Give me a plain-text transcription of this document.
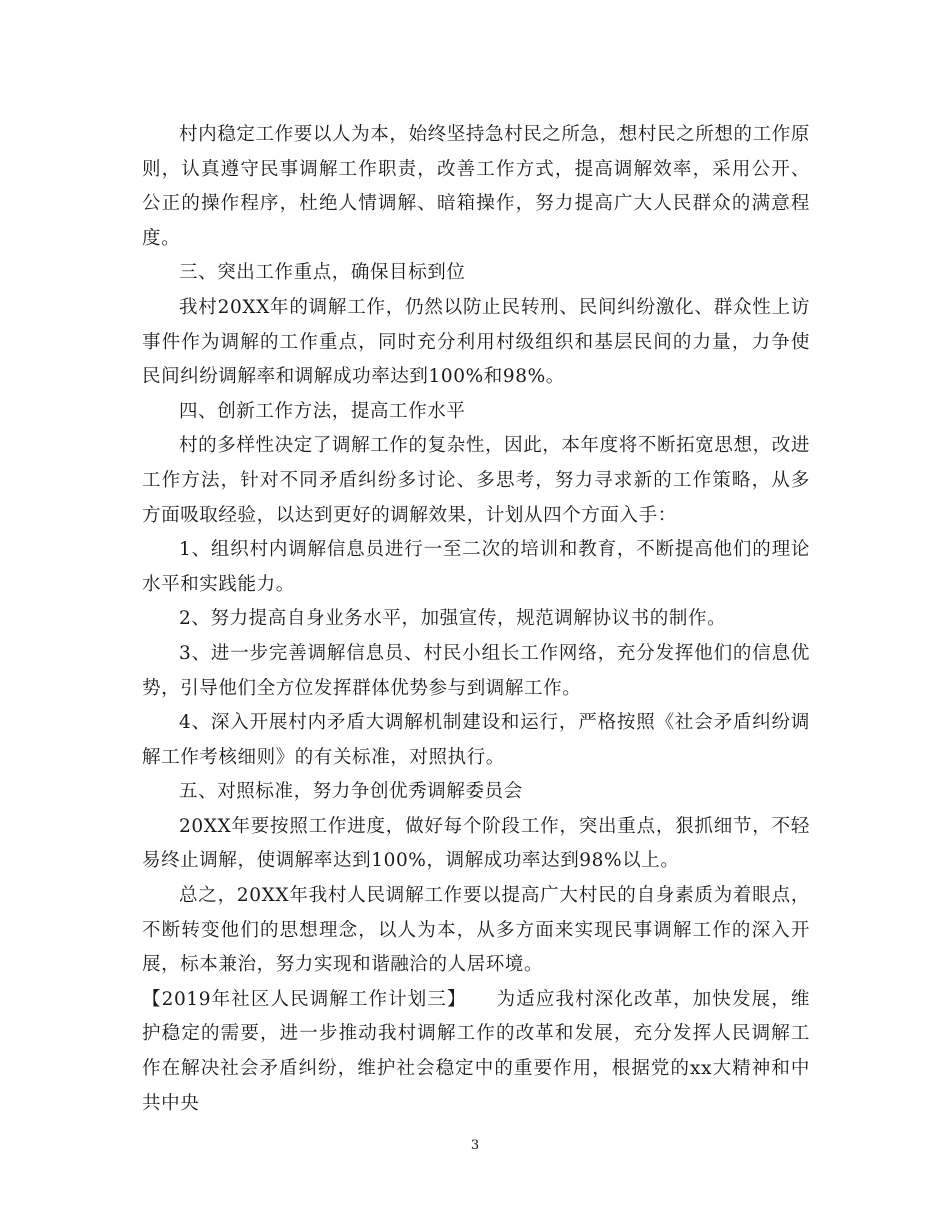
村内稳定工作要以人为本，始终坚持急村民之所急，想村民之所想的工作原则，认真遵守民事调解工作职责，改善工作方式，提高调解效率，采用公开、公正的操作程序，杜绝人情调解、暗箱操作，努力提高广大人民群众的满意程度。

三、突出工作重点，确保目标到位

我村20XX年的调解工作，仍然以防止民转刑、民间纠纷激化、群众性上访事件作为调解的工作重点，同时充分利用村级组织和基层民间的力量，力争使民间纠纷调解率和调解成功率达到100%和98%。

四、创新工作方法，提高工作水平

村的多样性决定了调解工作的复杂性，因此，本年度将不断拓宽思想，改进工作方法，针对不同矛盾纠纷多讨论、多思考，努力寻求新的工作策略，从多方面吸取经验，以达到更好的调解效果，计划从四个方面入手：

1、组织村内调解信息员进行一至二次的培训和教育，不断提高他们的理论水平和实践能力。

2、努力提高自身业务水平，加强宣传，规范调解协议书的制作。

3、进一步完善调解信息员、村民小组长工作网络，充分发挥他们的信息优势，引导他们全方位发挥群体优势参与到调解工作。

4、深入开展村内矛盾大调解机制建设和运行，严格按照《社会矛盾纠纷调解工作考核细则》的有关标准，对照执行。

五、对照标准，努力争创优秀调解委员会

20XX年要按照工作进度，做好每个阶段工作，突出重点，狠抓细节，不轻易终止调解，使调解率达到100%，调解成功率达到98%以上。

总之，20XX年我村人民调解工作要以提高广大村民的自身素质为着眼点，不断转变他们的思想理念，以人为本，从多方面来实现民事调解工作的深入开展，标本兼治，努力实现和谐融洽的人居环境。

【2019年社区人民调解工作计划三】　　为适应我村深化改革，加快发展，维护稳定的需要，进一步推动我村调解工作的改革和发展，充分发挥人民调解工作在解决社会矛盾纠纷，维护社会稳定中的重要作用，根据党的xx大精神和中共中央

3
